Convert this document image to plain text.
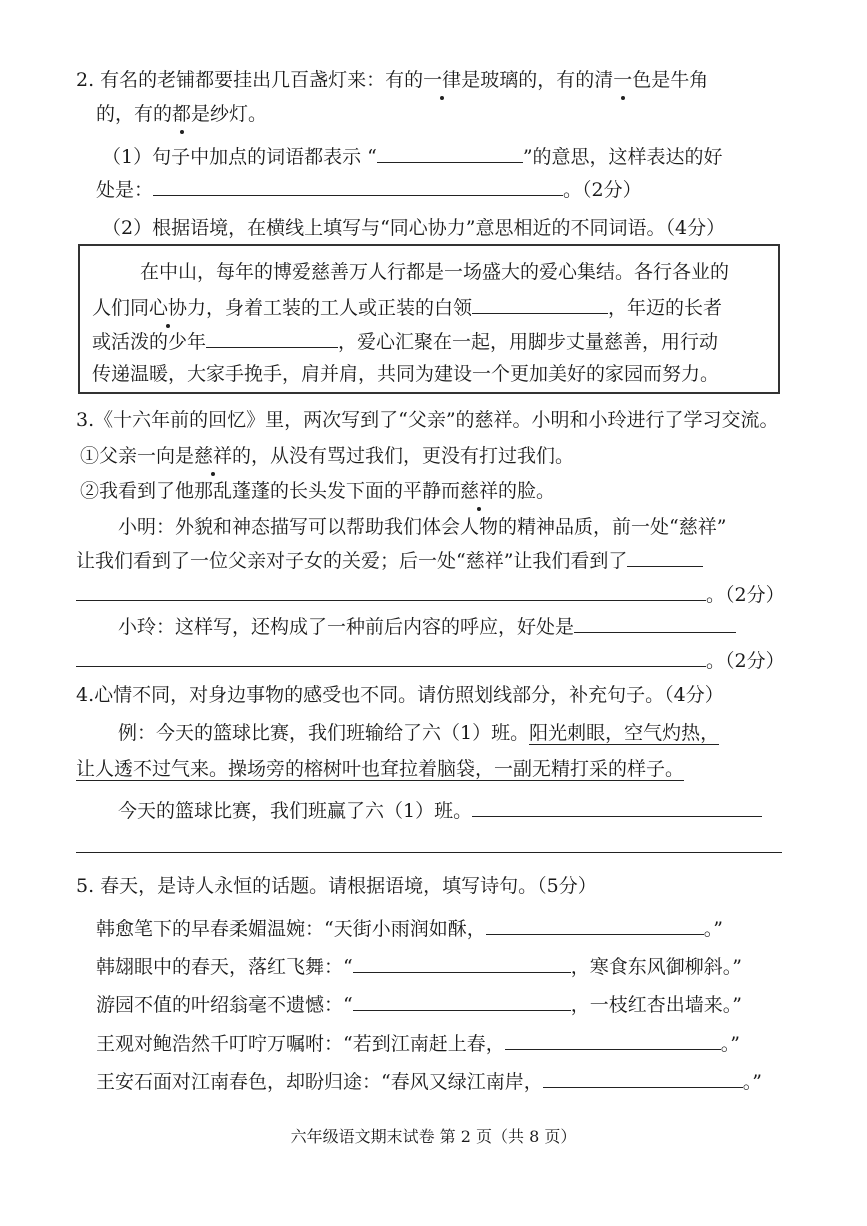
2. 有名的老铺都要挂出几百盏灯来：有的一律是玻璃的，有的清一色是牛角
的，有的都是纱灯。
（1）句子中加点的词语都表示 “	”的意思，这样表达的好
处是：	。（2分）
（2）根据语境，在横线上填写与“同心协力”意思相近的不同词语。（4分）
在中山，每年的博爱慈善万人行都是一场盛大的爱心集结。各行各业的
人们同心协力，身着工装的工人或正装的白领	，年迈的长者
或活泼的少年	，爱心汇聚在一起，用脚步丈量慈善，用行动
传递温暖，大家手挽手，肩并肩，共同为建设一个更加美好的家园而努力。
3.《十六年前的回忆》里，两次写到了“父亲”的慈祥。小明和小玲进行了学习交流。
①父亲一向是慈祥的，从没有骂过我们，更没有打过我们。
②我看到了他那乱蓬蓬的长头发下面的平静而慈祥的脸。
小明：外貌和神态描写可以帮助我们体会人物的精神品质，前一处“慈祥”
让我们看到了一位父亲对子女的关爱；后一处“慈祥”让我们看到了
。（2分）
小玲：这样写，还构成了一种前后内容的呼应，好处是
。（2分）
4.心情不同，对身边事物的感受也不同。请仿照划线部分，补充句子。（4分）
例：今天的篮球比赛，我们班输给了六（1）班。阳光刺眼，空气灼热，
让人透不过气来。操场旁的榕树叶也耷拉着脑袋，一副无精打采的样子。
今天的篮球比赛，我们班赢了六（1）班。
5. 春天，是诗人永恒的话题。请根据语境，填写诗句。（5分）
韩愈笔下的早春柔媚温婉：“天街小雨润如酥，	。”
韩翃眼中的春天，落红飞舞：“	，寒食东风御柳斜。”
游园不值的叶绍翁毫不遗憾：“	，一枝红杏出墙来。”
王观对鲍浩然千叮咛万嘱咐：“若到江南赶上春，	。”
王安石面对江南春色，却盼归途：“春风又绿江南岸，	。”
六年级语文期末试卷 第 2 页（共 8 页）
